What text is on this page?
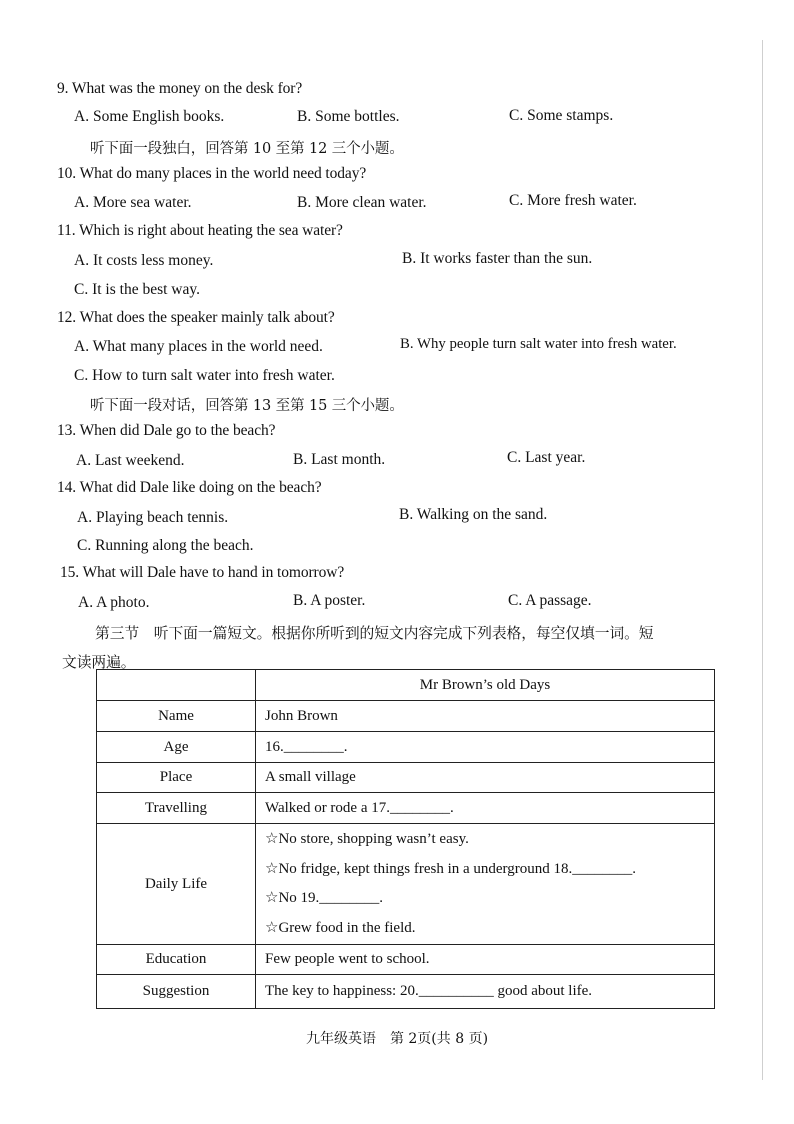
9. What was the money on the desk for?
A. Some English books.	B. Some bottles.	C. Some stamps.
听下面一段独白，回答第 10 至第 12 三个小题。
10. What do many places in the world need today?
A. More sea water.	B. More clean water.	C. More fresh water.
11. Which is right about heating the sea water?
A. It costs less money.	B. It works faster than the sun.
C. It is the best way.
12. What does the speaker mainly talk about?
A. What many places in the world need.	B. Why people turn salt water into fresh water.
C. How to turn salt water into fresh water.
听下面一段对话，回答第 13 至第 15 三个小题。
13. When did Dale go to the beach?
A. Last weekend.	B. Last month.	C. Last year.
14. What did Dale like doing on the beach?
A. Playing beach tennis.	B. Walking on the sand.
C. Running along the beach.
15. What will Dale have to hand in tomorrow?
A. A photo.	B. A poster.	C. A passage.
第三节　听下面一篇短文。根据你所听到的短文内容完成下列表格，每空仅填一词。短
文读两遍。
	Mr Brown’s old Days
Name	John Brown
Age	16.________.
Place	A small village
Travelling	Walked or rode a 17.________.
Daily Life	☆No store, shopping wasn’t easy.
☆No fridge, kept things fresh in a underground 18.________.
☆No 19.________.
☆Grew food in the field.

Education	Few people went to school.
Suggestion	The key to happiness: 20.__________ good about life.
九年级英语　第 2页(共 8 页)
